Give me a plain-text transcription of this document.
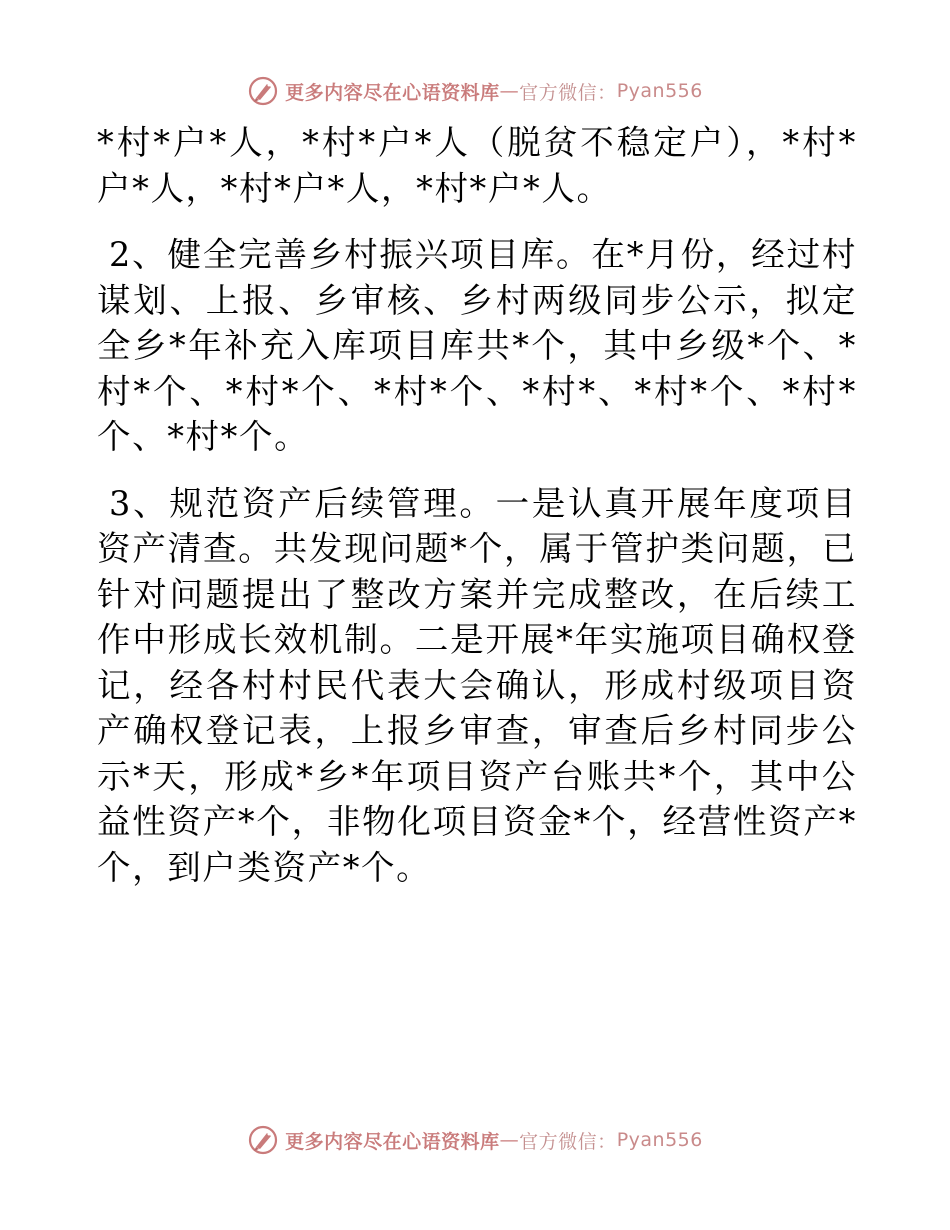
更多内容尽在心语资料库 — 官方微信： Pyan556

*村*户*人，*村*户*人（脱贫不稳定户），*村*户*人，*村*户*人，*村*户*人。

2、健全完善乡村振兴项目库。在*月份，经过村谋划、上报、乡审核、乡村两级同步公示，拟定全乡*年补充入库项目库共*个，其中乡级*个、*村*个、*村*个、*村*个、*村*、*村*个、*村*个、*村*个。

3、规范资产后续管理。一是认真开展年度项目资产清查。共发现问题*个，属于管护类问题，已针对问题提出了整改方案并完成整改，在后续工作中形成长效机制。二是开展*年实施项目确权登记，经各村村民代表大会确认，形成村级项目资产确权登记表，上报乡审查，审查后乡村同步公示*天，形成*乡*年项目资产台账共*个，其中公益性资产*个，非物化项目资金*个，经营性资产*个，到户类资产*个。

更多内容尽在心语资料库 — 官方微信： Pyan556
